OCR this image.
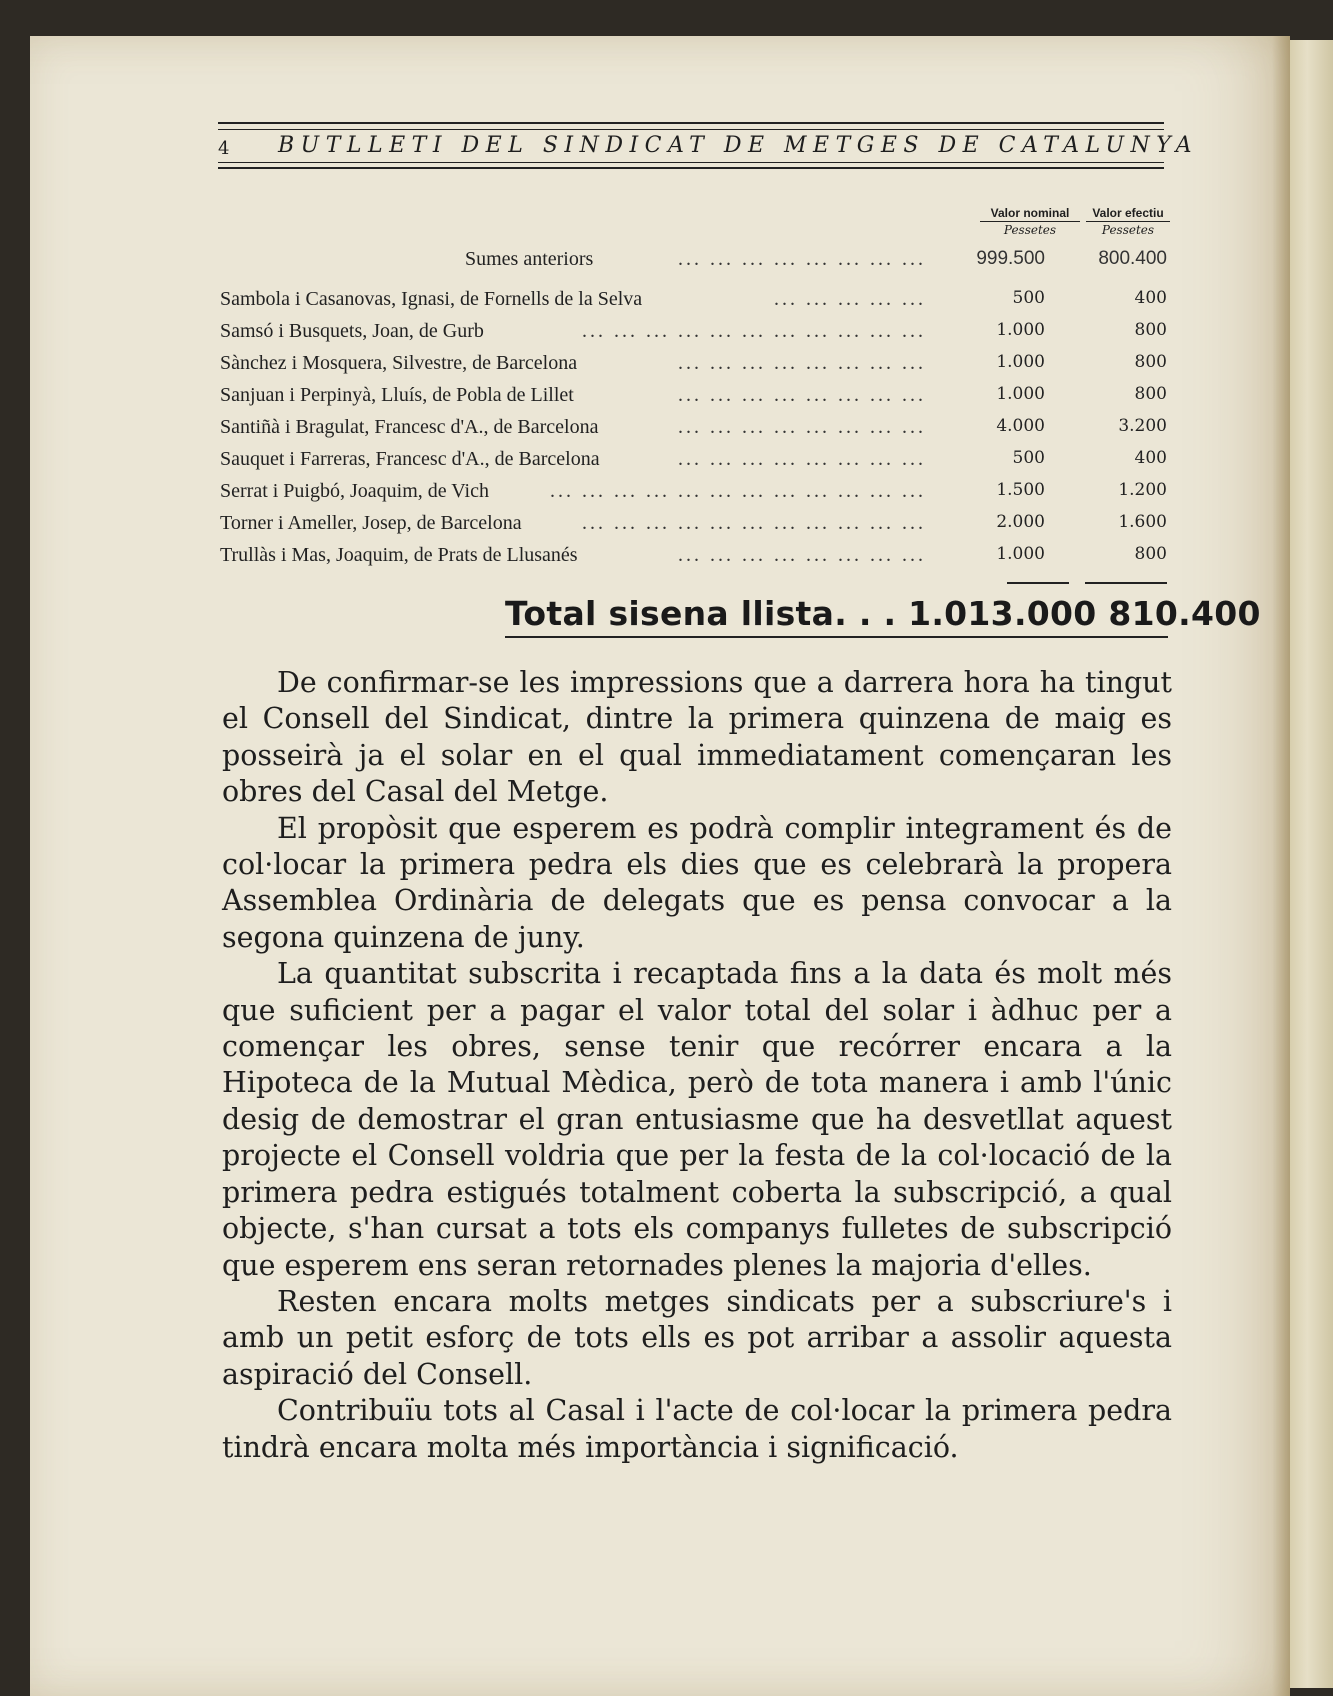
4 BUTLLETI DEL SINDICAT DE METGES DE CATALUNYA
Valor nominal
Pessetes
Valor efectiu
Pessetes
Sumes anteriors	... ... ... ... ... ... ... ...	999.500	800.400
Sambola i Casanovas, Ignasi, de Fornells de la Selva	... ... ... ... ...	500	400
Samsó i Busquets, Joan, de Gurb	... ... ... ... ... ... ... ... ... ... ...	1.000	800
Sànchez i Mosquera, Silvestre, de Barcelona	... ... ... ... ... ... ... ...	1.000	800
Sanjuan i Perpinyà, Lluís, de Pobla de Lillet	... ... ... ... ... ... ... ...	1.000	800
Santiñà i Bragulat, Francesc d'A., de Barcelona	... ... ... ... ... ... ... ...	4.000	3.200
Sauquet i Farreras, Francesc d'A., de Barcelona	... ... ... ... ... ... ... ...	500	400
Serrat i Puigbó, Joaquim, de Vich	... ... ... ... ... ... ... ... ... ... ... ...	1.500	1.200
Torner i Ameller, Josep, de Barcelona	... ... ... ... ... ... ... ... ... ... ...	2.000	1.600
Trullàs i Mas, Joaquim, de Prats de Llusanés	... ... ... ... ... ... ... ...	1.000	800
Total sisena llista. . . 1.013.000 810.400

De confirmar-se les impressions que a darrera hora ha tingut el Consell del Sindicat, dintre la primera quinzena de maig es posseirà ja el solar en el qual immediatament començaran les obres del Casal del Metge.

El propòsit que esperem es podrà complir integrament és de col·locar la primera pedra els dies que es celebrarà la propera Assemblea Ordinària de delegats que es pensa convocar a la segona quinzena de juny.

La quantitat subscrita i recaptada fins a la data és molt més que suficient per a pagar el valor total del solar i àdhuc per a començar les obres, sense tenir que recórrer encara a la Hipoteca de la Mutual Mèdica, però de tota manera i amb l'únic desig de demostrar el gran entusiasme que ha desvetllat aquest projecte el Consell voldria que per la festa de la col·locació de la primera pedra estigués totalment coberta la subscripció, a qual objecte, s'han cursat a tots els companys fulletes de subscripció que esperem ens seran retornades plenes la majoria d'elles.

Resten encara molts metges sindicats per a subscriure's i amb un petit esforç de tots ells es pot arribar a assolir aquesta aspiració del Consell.

Contribuïu tots al Casal i l'acte de col·locar la primera pedra tindrà encara molta més importància i significació.
